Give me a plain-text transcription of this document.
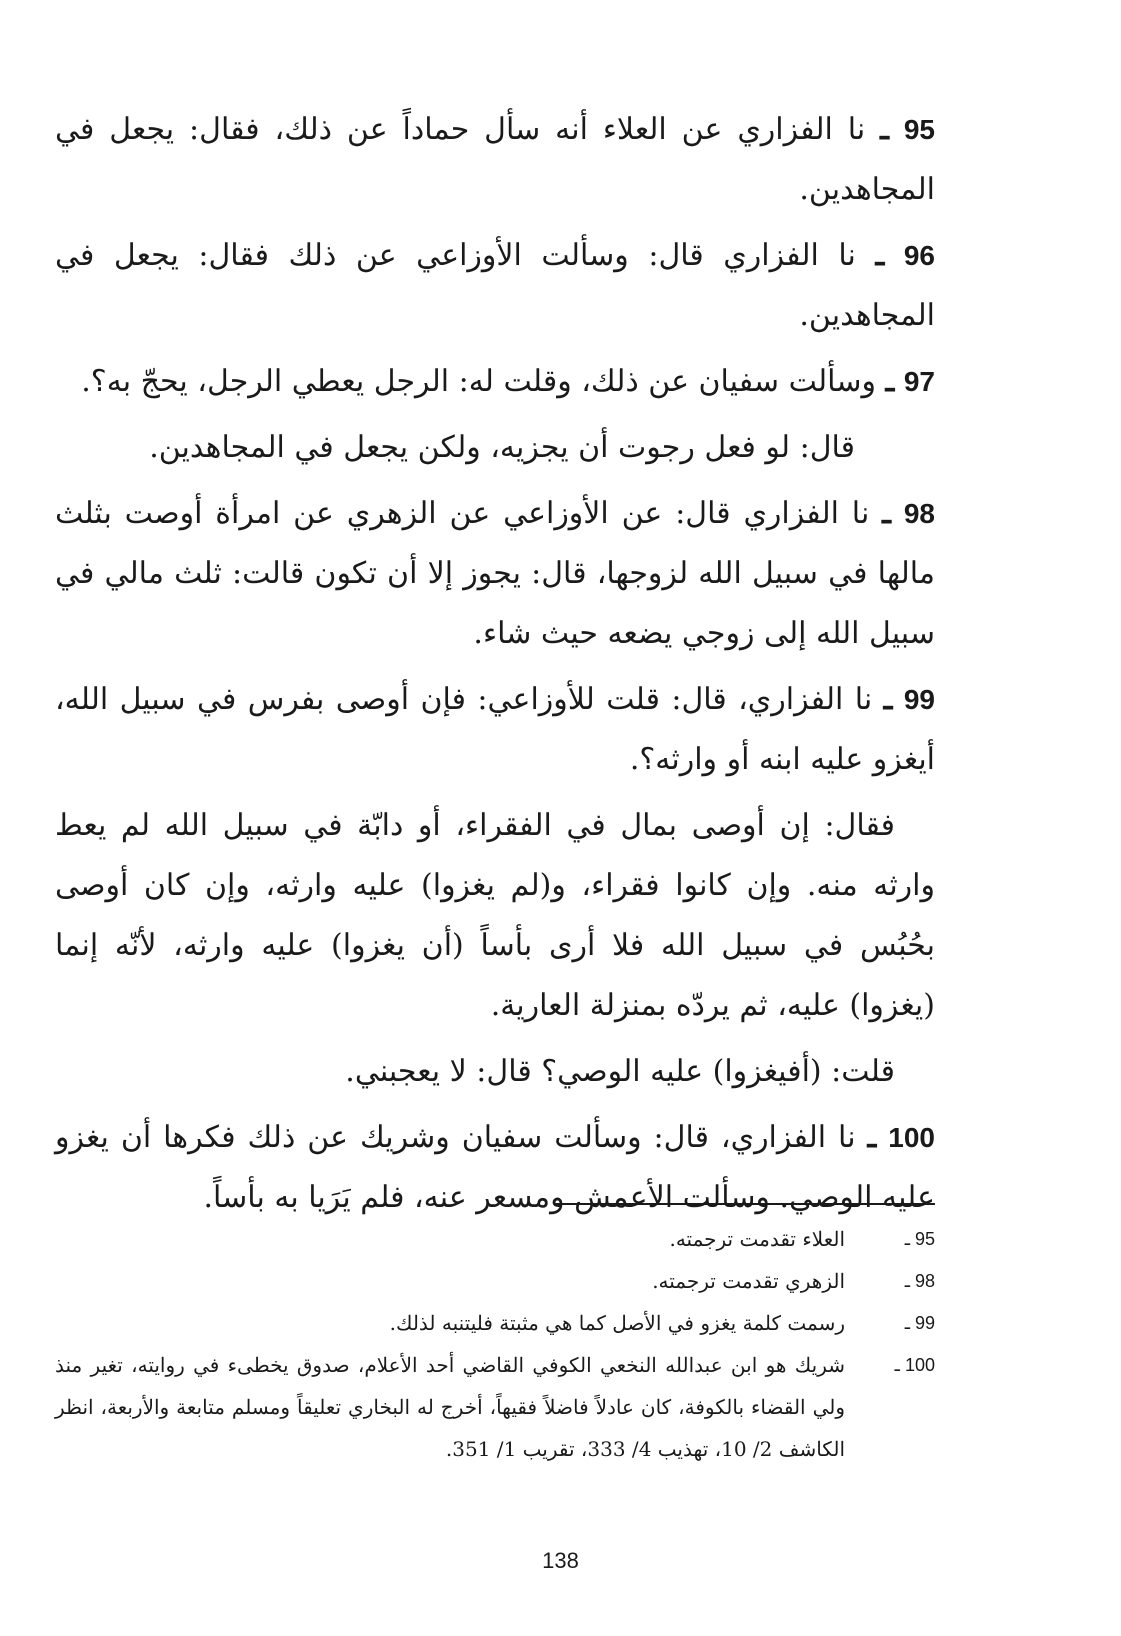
95 ـ نا الفزاري عن العلاء أنه سأل حماداً عن ذلك، فقال: يجعل في المجاهدين.

96 ـ نا الفزاري قال: وسألت الأوزاعي عن ذلك فقال: يجعل في المجاهدين.

97 ـ وسألت سفيان عن ذلك، وقلت له: الرجل يعطي الرجل، يحجّ به؟.

قال: لو فعل رجوت أن يجزيه، ولكن يجعل في المجاهدين.

98 ـ نا الفزاري قال: عن الأوزاعي عن الزهري عن امرأة أوصت بثلث مالها في سبيل الله لزوجها، قال: يجوز إلا أن تكون قالت: ثلث مالي في سبيل الله إلى زوجي يضعه حيث شاء.

99 ـ نا الفزاري، قال: قلت للأوزاعي: فإن أوصى بفرس في سبيل الله، أيغزو عليه ابنه أو وارثه؟.

فقال: إن أوصى بمال في الفقراء، أو دابّة في سبيل الله لم يعط وارثه منه. وإن كانوا فقراء، و(لم يغزوا) عليه وارثه، وإن كان أوصى بحُبُس في سبيل الله فلا أرى بأساً (أن يغزوا) عليه وارثه، لأنّه إنما (يغزوا) عليه، ثم يردّه بمنزلة العارية.

قلت: (أفيغزوا) عليه الوصي؟ قال: لا يعجبني.

100 ـ نا الفزاري، قال: وسألت سفيان وشريك عن ذلك فكرها أن يغزو عليه الوصي. وسألت الأعمش ومسعر عنه، فلم يَرَيا به بأساً.

95 ـ
العلاء تقدمت ترجمته.
98 ـ
الزهري تقدمت ترجمته.
99 ـ
رسمت كلمة يغزو في الأصل كما هي مثبتة فليتنبه لذلك.
100 ـ
شريك هو ابن عبدالله النخعي الكوفي القاضي أحد الأعلام، صدوق يخطىء في روايته، تغير منذ ولي القضاء بالكوفة، كان عادلاً فاضلاً فقيهاً، أخرج له البخاري تعليقاً ومسلم متابعة والأربعة، انظر الكاشف 2/ 10، تهذيب 4/ 333، تقريب 1/ 351.
138
